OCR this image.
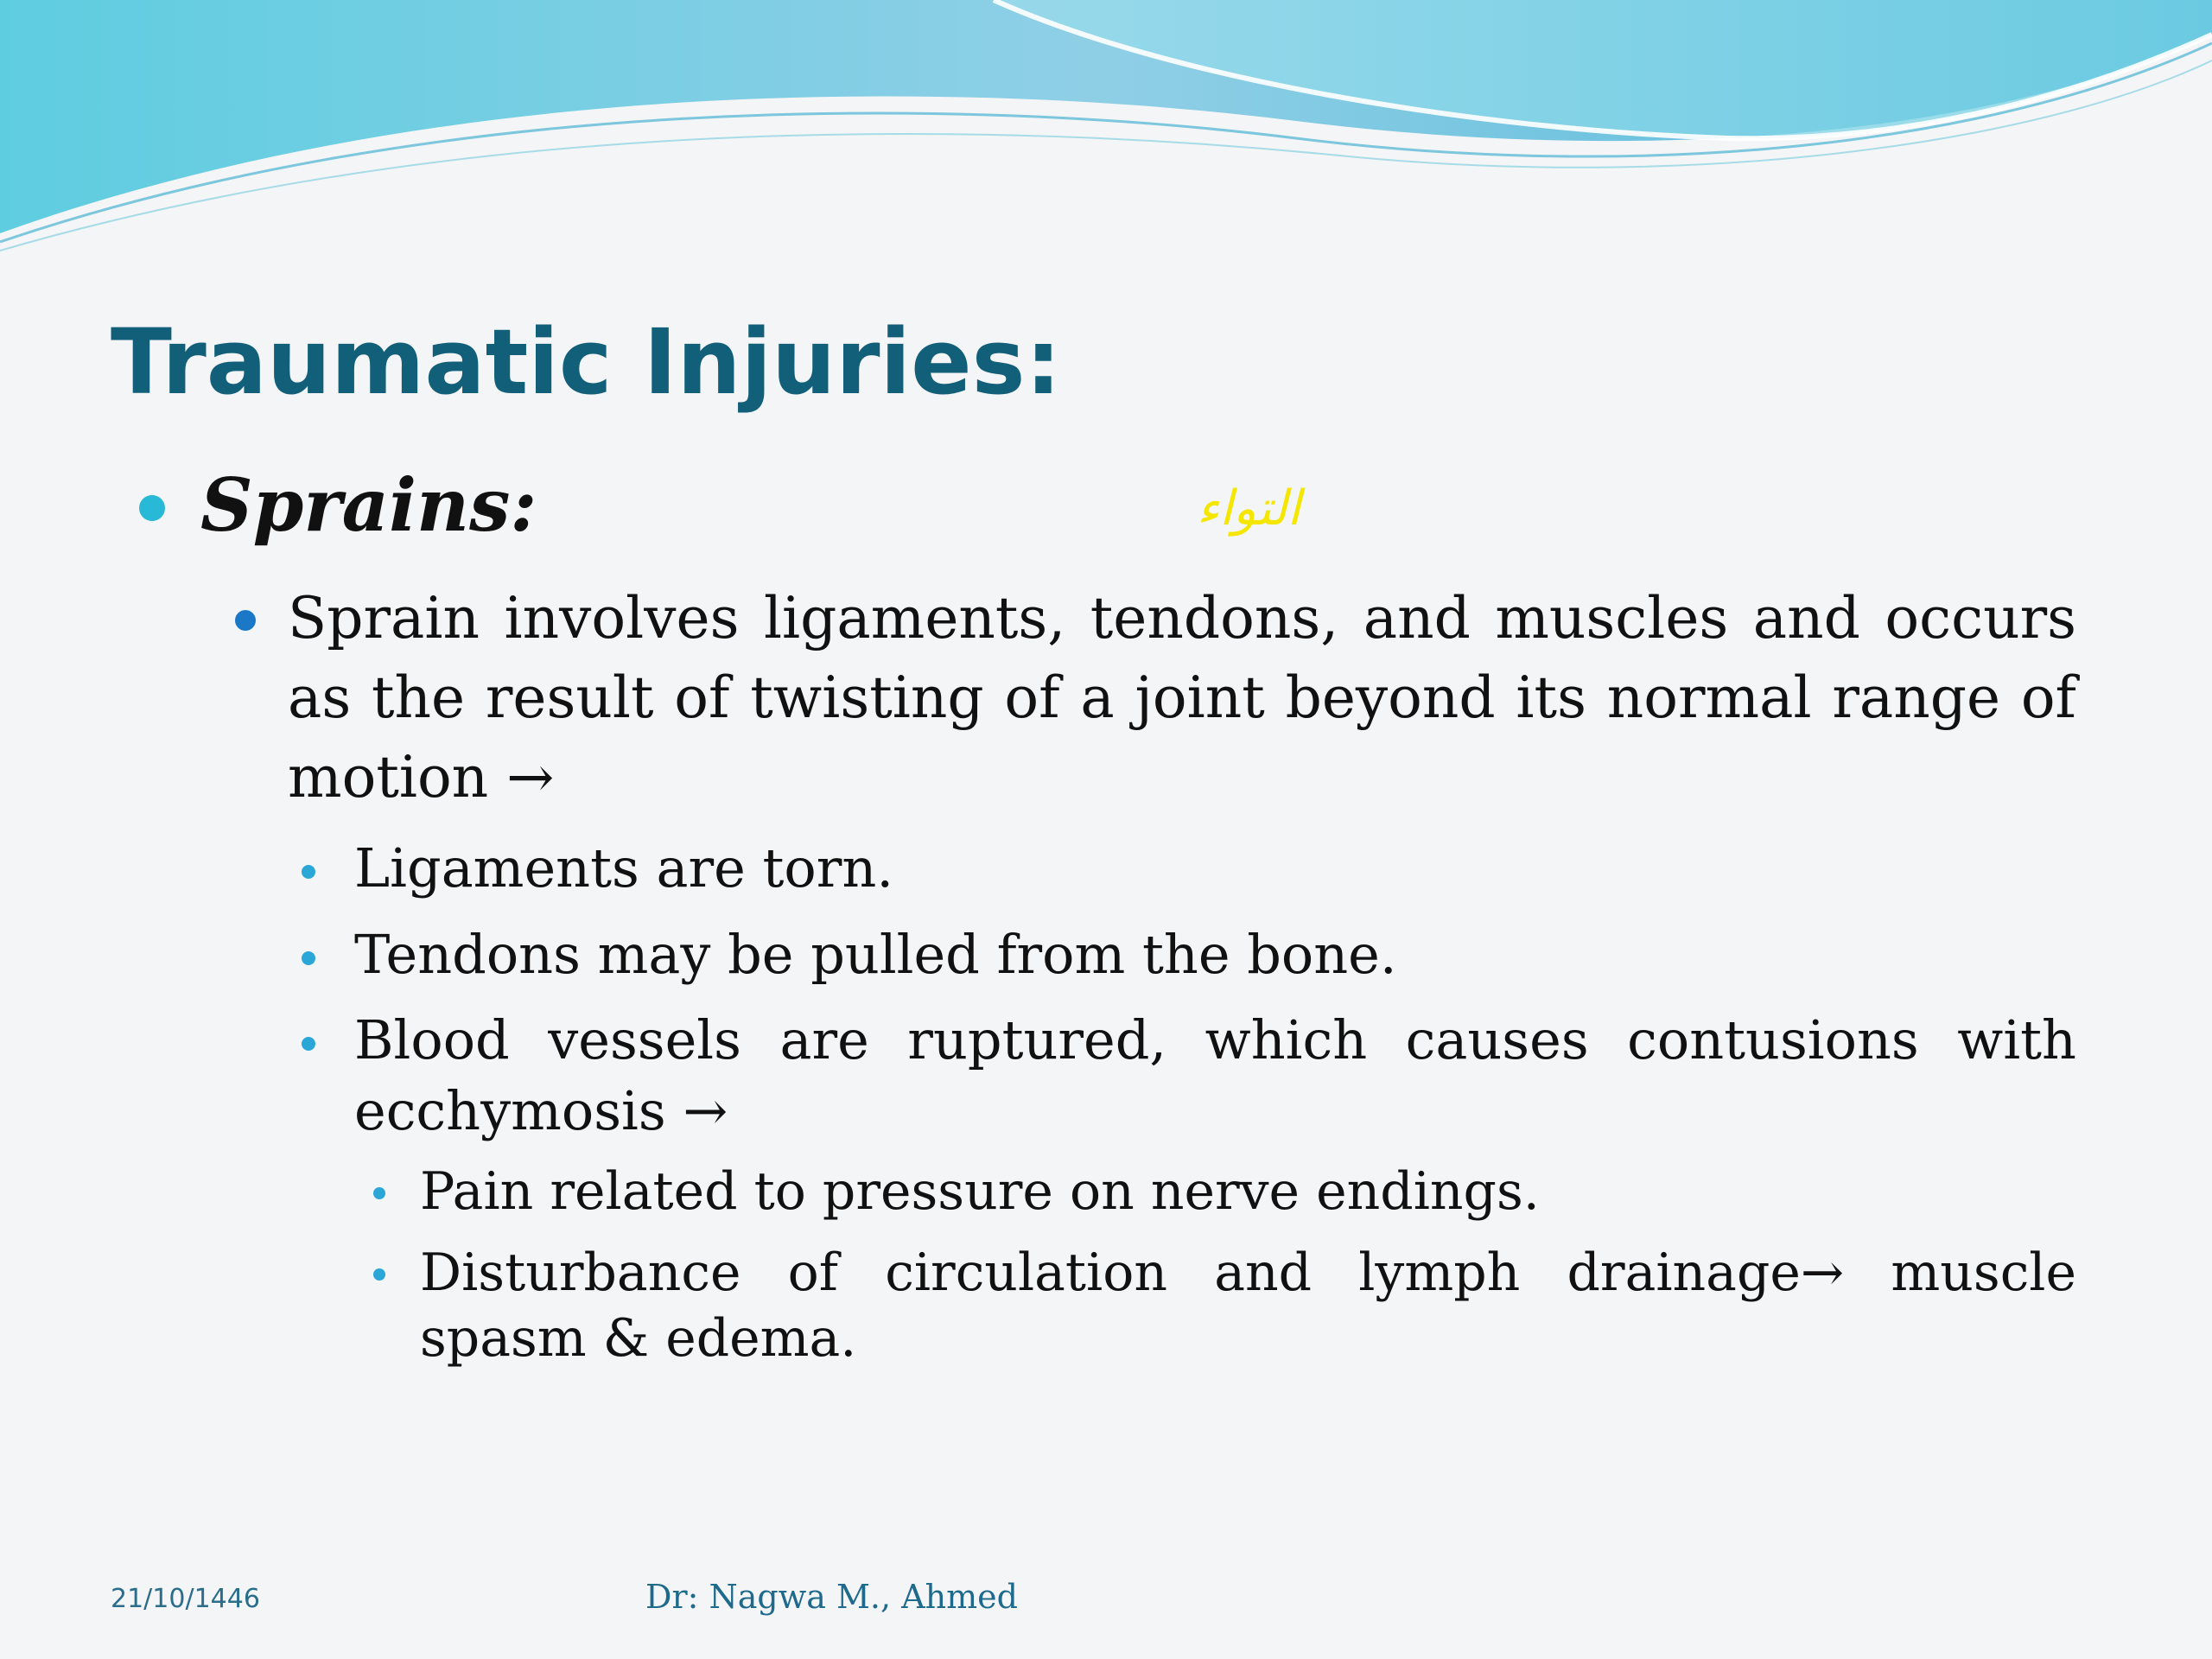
Traumatic Injuries:

Sprains:	التواء

Sprain involves ligaments, tendons, and muscles and occurs as the result of twisting of a joint beyond its normal range of motion →

Ligaments are torn.

Tendons may be pulled from the bone.

Blood vessels are ruptured, which causes contusions with ecchymosis →

Pain related to pressure on nerve endings.

Disturbance of circulation and lymph drainage→ muscle spasm & edema.

21/10/1446	Dr: Nagwa M., Ahmed
